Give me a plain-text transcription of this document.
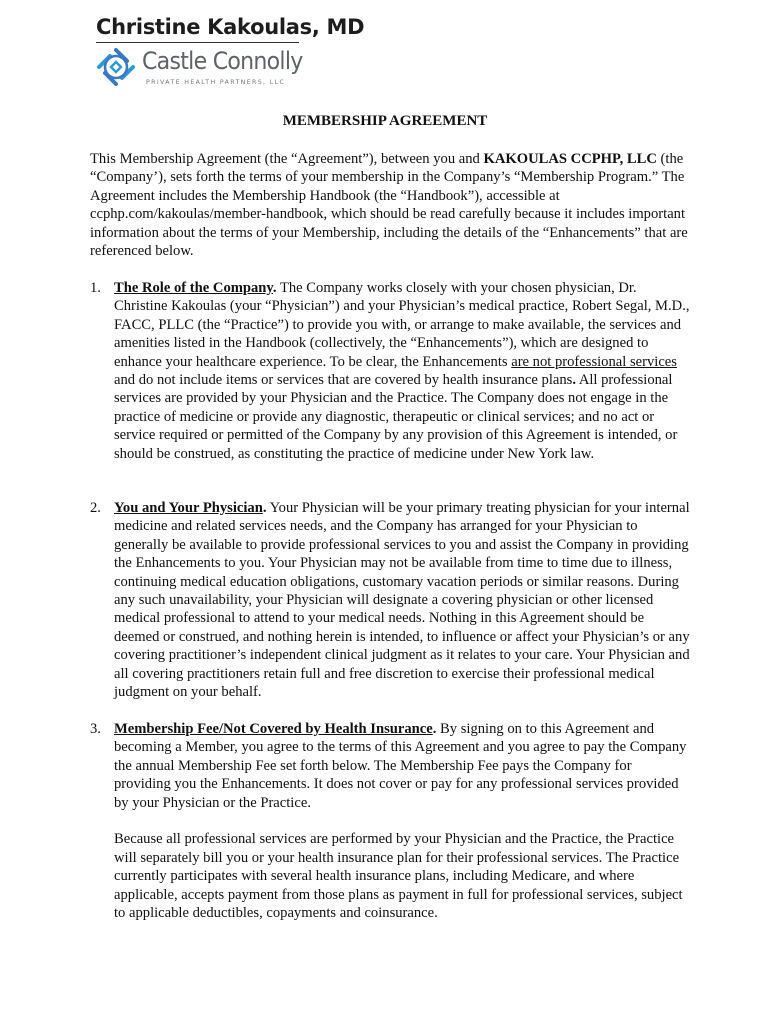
Christine Kakoulas, MD
Castle Connolly
PRIVATE HEALTH PARTNERS, LLC
MEMBERSHIP AGREEMENT
This Membership Agreement (the “Agreement”), between you and KAKOULAS CCPHP, LLC (the “Company’), sets forth the terms of your membership in the Company’s “Membership Program.” The Agreement includes the Membership Handbook (the “Handbook”), accessible at ccphp.com/kakoulas/member-handbook, which should be read carefully because it includes important information about the terms of your Membership, including the details of the “Enhancements” that are referenced below.
1. The Role of the Company. The Company works closely with your chosen physician, Dr. Christine Kakoulas (your “Physician”) and your Physician’s medical practice, Robert Segal, M.D., FACC, PLLC (the “Practice”) to provide you with, or arrange to make available, the services and amenities listed in the Handbook (collectively, the “Enhancements”), which are designed to enhance your healthcare experience. To be clear, the Enhancements are not professional services and do not include items or services that are covered by health insurance plans. All professional services are provided by your Physician and the Practice. The Company does not engage in the practice of medicine or provide any diagnostic, therapeutic or clinical services; and no act or service required or permitted of the Company by any provision of this Agreement is intended, or should be construed, as constituting the practice of medicine under New York law.
2. You and Your Physician. Your Physician will be your primary treating physician for your internal medicine and related services needs, and the Company has arranged for your Physician to generally be available to provide professional services to you and assist the Company in providing the Enhancements to you. Your Physician may not be available from time to time due to illness, continuing medical education obligations, customary vacation periods or similar reasons. During any such unavailability, your Physician will designate a covering physician or other licensed medical professional to attend to your medical needs. Nothing in this Agreement should be deemed or construed, and nothing herein is intended, to influence or affect your Physician’s or any covering practitioner’s independent clinical judgment as it relates to your care. Your Physician and all covering practitioners retain full and free discretion to exercise their professional medical judgment on your behalf.
3. Membership Fee/Not Covered by Health Insurance. By signing on to this Agreement and becoming a Member, you agree to the terms of this Agreement and you agree to pay the Company the annual Membership Fee set forth below. The Membership Fee pays the Company for providing you the Enhancements. It does not cover or pay for any professional services provided by your Physician or the Practice.

Because all professional services are performed by your Physician and the Practice, the Practice will separately bill you or your health insurance plan for their professional services. The Practice currently participates with several health insurance plans, including Medicare, and where applicable, accepts payment from those plans as payment in full for professional services, subject to applicable deductibles, copayments and coinsurance.
